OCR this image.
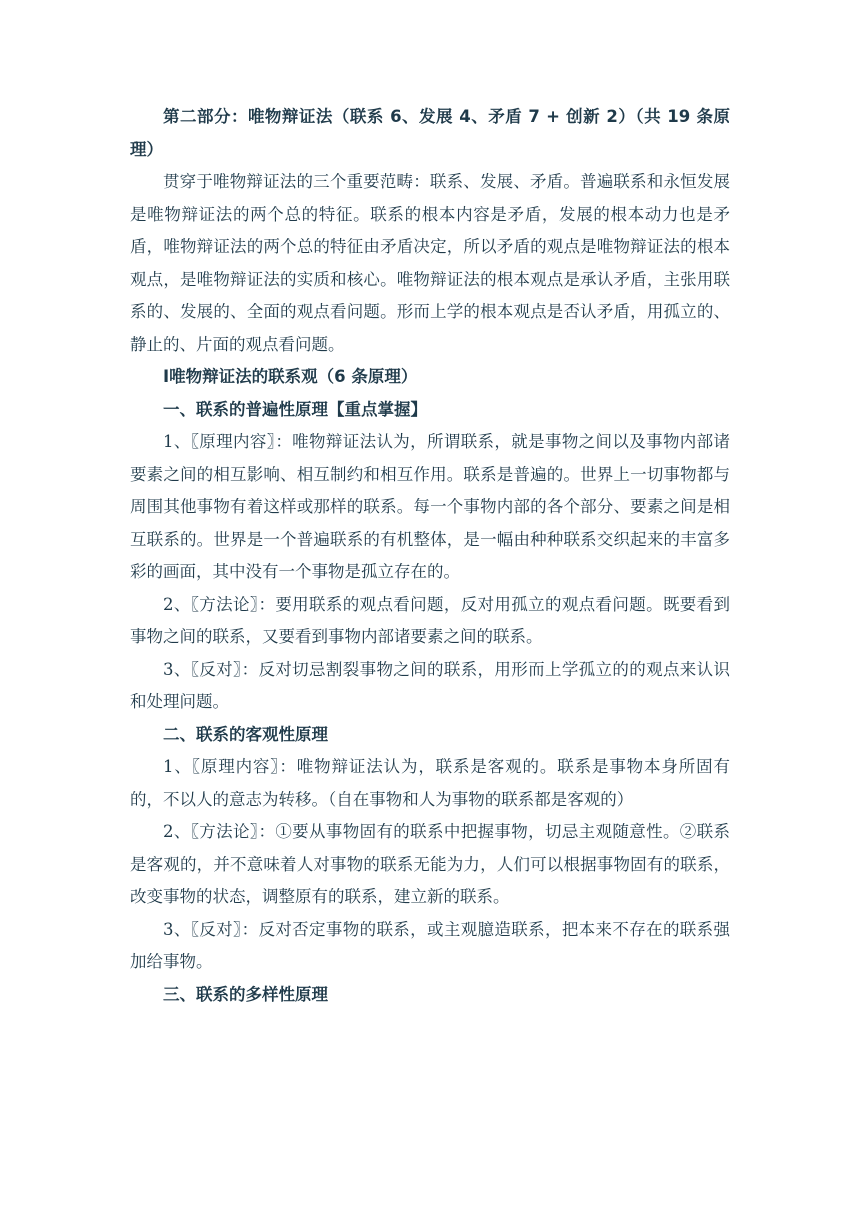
第二部分：唯物辩证法（联系 6、发展 4、矛盾 7 + 创新 2）（共 19 条原理）

贯穿于唯物辩证法的三个重要范畴：联系、发展、矛盾。普遍联系和永恒发展是唯物辩证法的两个总的特征。联系的根本内容是矛盾，发展的根本动力也是矛盾，唯物辩证法的两个总的特征由矛盾决定，所以矛盾的观点是唯物辩证法的根本观点，是唯物辩证法的实质和核心。唯物辩证法的根本观点是承认矛盾，主张用联系的、发展的、全面的观点看问题。形而上学的根本观点是否认矛盾，用孤立的、静止的、片面的观点看问题。

Ⅰ唯物辩证法的联系观（6 条原理）

一、联系的普遍性原理【重点掌握】

1、〖原理内容〗：唯物辩证法认为，所谓联系，就是事物之间以及事物内部诸要素之间的相互影响、相互制约和相互作用。联系是普遍的。世界上一切事物都与周围其他事物有着这样或那样的联系。每一个事物内部的各个部分、要素之间是相互联系的。世界是一个普遍联系的有机整体，是一幅由种种联系交织起来的丰富多彩的画面，其中没有一个事物是孤立存在的。

2、〖方法论〗：要用联系的观点看问题，反对用孤立的观点看问题。既要看到事物之间的联系，又要看到事物内部诸要素之间的联系。

3、〖反对〗：反对切忌割裂事物之间的联系，用形而上学孤立的的观点来认识和处理问题。

二、联系的客观性原理

1、〖原理内容〗：唯物辩证法认为，联系是客观的。联系是事物本身所固有的，不以人的意志为转移。（自在事物和人为事物的联系都是客观的）

2、〖方法论〗：①要从事物固有的联系中把握事物，切忌主观随意性。②联系是客观的，并不意味着人对事物的联系无能为力，人们可以根据事物固有的联系，改变事物的状态，调整原有的联系，建立新的联系。

3、〖反对〗：反对否定事物的联系，或主观臆造联系，把本来不存在的联系强加给事物。

三、联系的多样性原理
